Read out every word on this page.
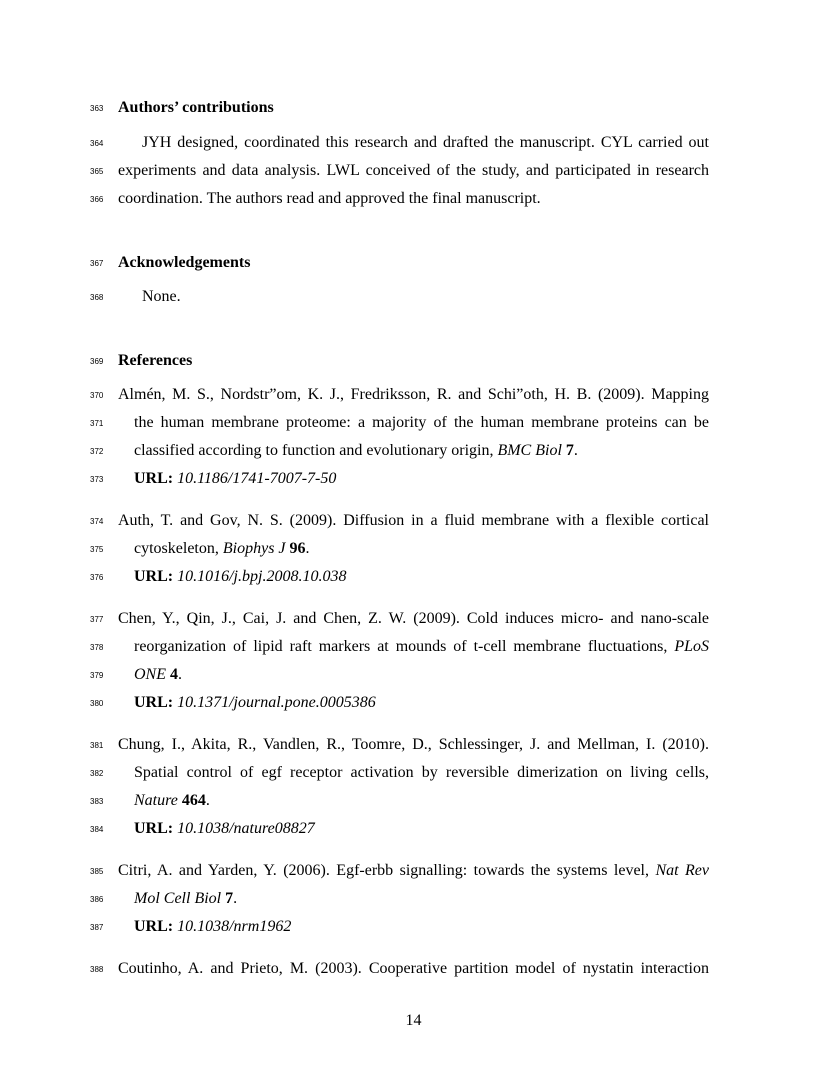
363
364
365
366
367
368
369
370
371
372
373
374
375
376
377
378
379
380
381
382
383
384
385
386
387
388
Authors’ contributions
JYH designed, coordinated this research and drafted the manuscript. CYL carried out
experiments and data analysis. LWL conceived of the study, and participated in research
coordination. The authors read and approved the final manuscript.
Acknowledgements
None.
References
Almén, M. S., Nordstr”om, K. J., Fredriksson, R. and Schi”oth, H. B. (2009). Mapping
the human membrane proteome: a majority of the human membrane proteins can be
classified according to function and evolutionary origin, BMC Biol 7.
URL: 10.1186/1741-7007-7-50
Auth, T. and Gov, N. S. (2009). Diffusion in a fluid membrane with a flexible cortical
cytoskeleton, Biophys J 96.
URL: 10.1016/j.bpj.2008.10.038
Chen, Y., Qin, J., Cai, J. and Chen, Z. W. (2009). Cold induces micro- and nano-scale
reorganization of lipid raft markers at mounds of t-cell membrane fluctuations, PLoS
ONE 4.
URL: 10.1371/journal.pone.0005386
Chung, I., Akita, R., Vandlen, R., Toomre, D., Schlessinger, J. and Mellman, I. (2010).
Spatial control of egf receptor activation by reversible dimerization on living cells,
Nature 464.
URL: 10.1038/nature08827
Citri, A. and Yarden, Y. (2006). Egf-erbb signalling: towards the systems level, Nat Rev
Mol Cell Biol 7.
URL: 10.1038/nrm1962
Coutinho, A. and Prieto, M. (2003). Cooperative partition model of nystatin interaction
14
